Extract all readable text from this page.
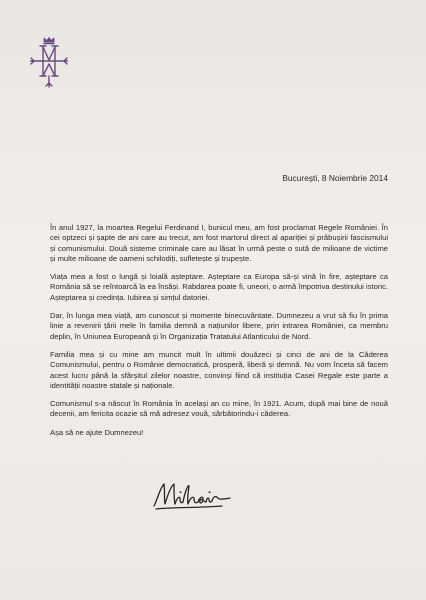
București, 8 Noiembrie 2014

În anul 1927, la moartea Regelui Ferdinand I, bunicul meu, am fost proclamat Regele României. În cei optzeci și șapte de ani care au trecut, am fost martorul direct al apariției și prăbușirii fascismului și comunismului. Două sisteme criminale care au lăsat în urmă peste o sută de milioane de victime și multe milioane de oameni schilodiți, sufletește și trupește.

Viața mea a fost o lungă și loială așteptare. Așteptare ca Europa să-și vină în fire, așteptare ca România să se reîntoarcă la ea însăși. Rabdarea poate fi, uneori, o armă împotriva destinului istoric. Așteptarea și credința. Iubirea și simțul datoriei.

Dar, în lunga mea viață, am cunoscut și momente binecuvântate. Dumnezeu a vrut să fiu în prima linie a revenirii țării mele în familia demnă a națiunilor libere, prin intrarea României, ca membru deplin, în Uniunea Europeană și în Organizația Tratatului Atlanticului de Nord.

Familia mea și cu mine am muncit mult în ultimii douăzeci și cinci de ani de la Căderea Comunismului, pentru o Românie democratică, prosperă, liberă și demnă. Nu vom înceta să facem acest lucru până la sfârșitul zilelor noastre, convinși fiind că instituția Casei Regale este parte a identității noastre statale și naționale.

Comunismul s-a născut în România în același an cu mine, în 1921. Acum, după mai bine de nouă decenii, am fericita ocazie să mă adresez vouă, sărbătorindu-i căderea.

Așa să ne ajute Dumnezeu!
